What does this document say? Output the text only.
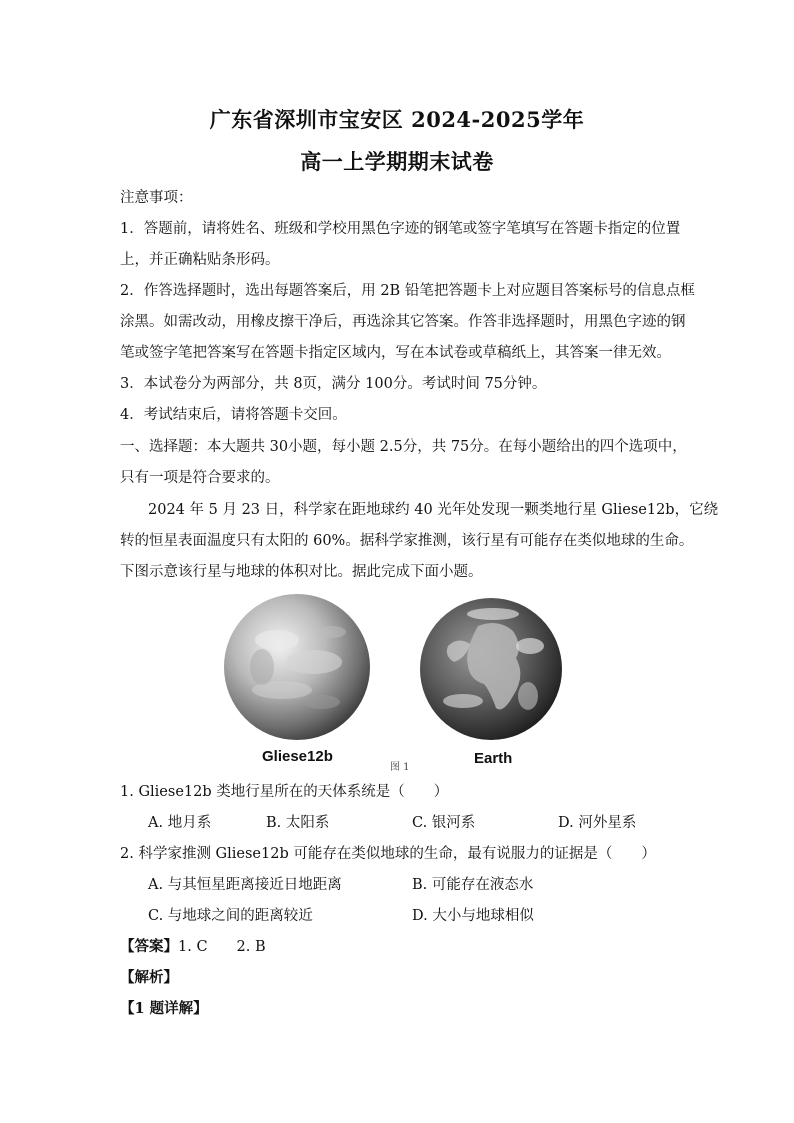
广东省深圳市宝安区 2024-2025学年
高一上学期期末试卷
注意事项：
1．答题前，请将姓名、班级和学校用黑色字迹的钢笔或签字笔填写在答题卡指定的位置
上，并正确粘贴条形码。
2．作答选择题时，选出每题答案后，用 2B 铅笔把答题卡上对应题目答案标号的信息点框
涂黑。如需改动，用橡皮擦干净后，再选涂其它答案。作答非选择题时，用黑色字迹的钢
笔或签字笔把答案写在答题卡指定区域内，写在本试卷或草稿纸上，其答案一律无效。
3．本试卷分为两部分，共 8页，满分 100分。考试时间 75分钟。
4．考试结束后，请将答题卡交回。
一、选择题：本大题共 30小题，每小题 2.5分，共 75分。在每小题给出的四个选项中，
只有一项是符合要求的。
2024 年 5 月 23 日，科学家在距地球约 40 光年处发现一颗类地行星 Gliese12b，它绕
转的恒星表面温度只有太阳的 60%。据科学家推测，该行星有可能存在类似地球的生命。
下图示意该行星与地球的体积对比。据此完成下面小题。
Gliese12b
图 1
Earth
1. Gliese12b 类地行星所在的天体系统是（　　）
A. 地月系	B. 太阳系	C. 银河系	D. 河外星系
2. 科学家推测 Gliese12b 可能存在类似地球的生命，最有说服力的证据是（　　）
A. 与其恒星距离接近日地距离	B. 可能存在液态水
C. 与地球之间的距离较近	D. 大小与地球相似
【答案】1. C　　2. B
【解析】
【1 题详解】
